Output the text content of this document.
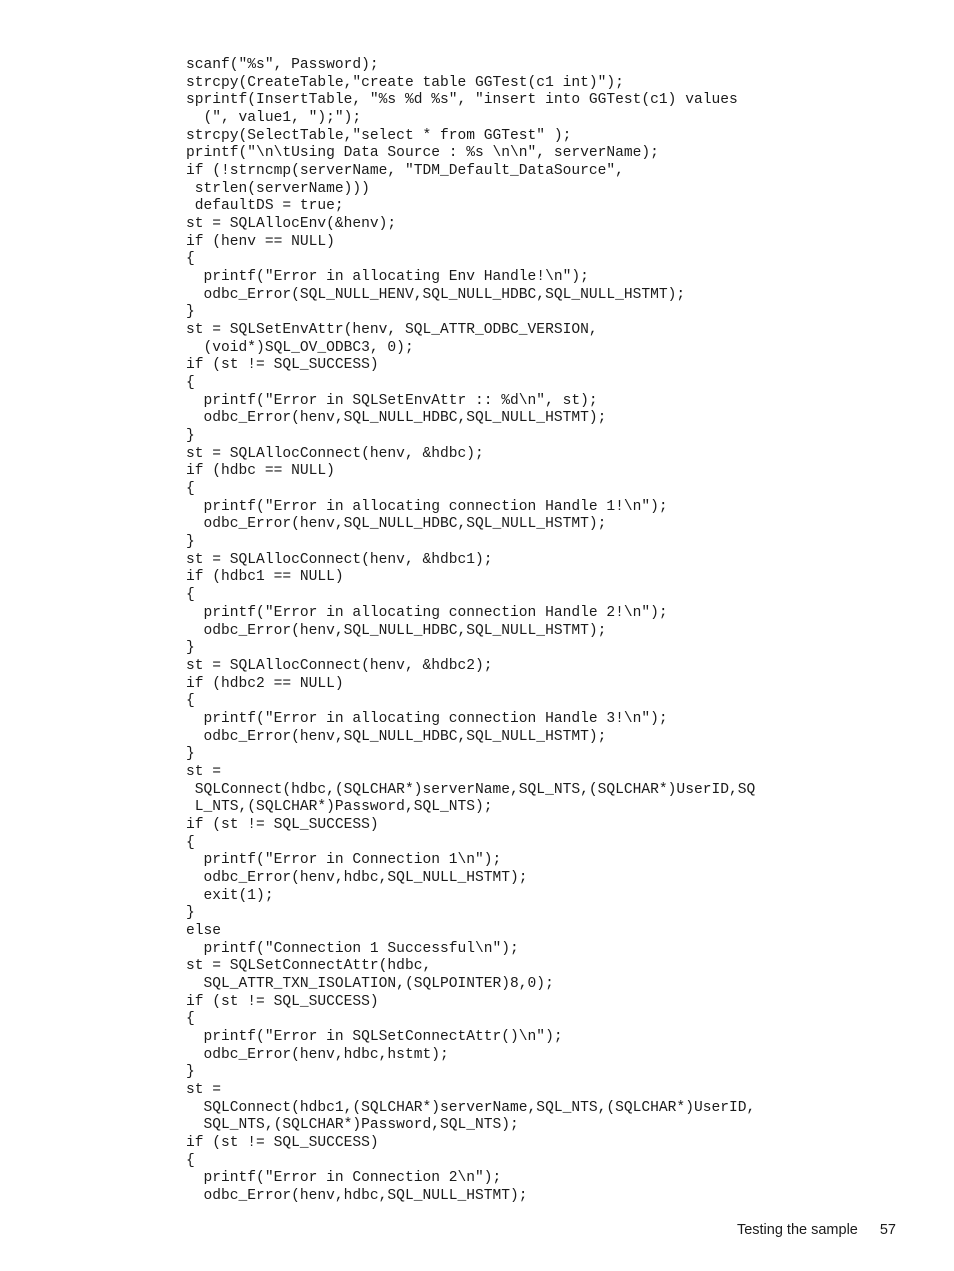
scanf("%s", Password);
strcpy(CreateTable,"create table GGTest(c1 int)");
sprintf(InsertTable, "%s %d %s", "insert into GGTest(c1) values
(", value1, ");");
strcpy(SelectTable,"select * from GGTest" );
printf("\n\tUsing Data Source : %s \n\n", serverName);
if (!strncmp(serverName, "TDM_Default_DataSource",
strlen(serverName)))
defaultDS = true;
st = SQLAllocEnv(&henv);
if (henv == NULL)
{
printf("Error in allocating Env Handle!\n");
odbc_Error(SQL_NULL_HENV,SQL_NULL_HDBC,SQL_NULL_HSTMT);
}
st = SQLSetEnvAttr(henv, SQL_ATTR_ODBC_VERSION,
(void*)SQL_OV_ODBC3, 0);
if (st != SQL_SUCCESS)
{
printf("Error in SQLSetEnvAttr :: %d\n", st);
odbc_Error(henv,SQL_NULL_HDBC,SQL_NULL_HSTMT);
}
st = SQLAllocConnect(henv, &hdbc);
if (hdbc == NULL)
{
printf("Error in allocating connection Handle 1!\n");
odbc_Error(henv,SQL_NULL_HDBC,SQL_NULL_HSTMT);
}
st = SQLAllocConnect(henv, &hdbc1);
if (hdbc1 == NULL)
{
printf("Error in allocating connection Handle 2!\n");
odbc_Error(henv,SQL_NULL_HDBC,SQL_NULL_HSTMT);
}
st = SQLAllocConnect(henv, &hdbc2);
if (hdbc2 == NULL)
{
printf("Error in allocating connection Handle 3!\n");
odbc_Error(henv,SQL_NULL_HDBC,SQL_NULL_HSTMT);
}
st =
SQLConnect(hdbc,(SQLCHAR*)serverName,SQL_NTS,(SQLCHAR*)UserID,SQ
L_NTS,(SQLCHAR*)Password,SQL_NTS);
if (st != SQL_SUCCESS)
{
printf("Error in Connection 1\n");
odbc_Error(henv,hdbc,SQL_NULL_HSTMT);
exit(1);
}
else
printf("Connection 1 Successful\n");
st = SQLSetConnectAttr(hdbc,
SQL_ATTR_TXN_ISOLATION,(SQLPOINTER)8,0);
if (st != SQL_SUCCESS)
{
printf("Error in SQLSetConnectAttr()\n");
odbc_Error(henv,hdbc,hstmt);
}
st =
SQLConnect(hdbc1,(SQLCHAR*)serverName,SQL_NTS,(SQLCHAR*)UserID,
SQL_NTS,(SQLCHAR*)Password,SQL_NTS);
if (st != SQL_SUCCESS)
{
printf("Error in Connection 2\n");
odbc_Error(henv,hdbc,SQL_NULL_HSTMT);
Testing the sample 57
